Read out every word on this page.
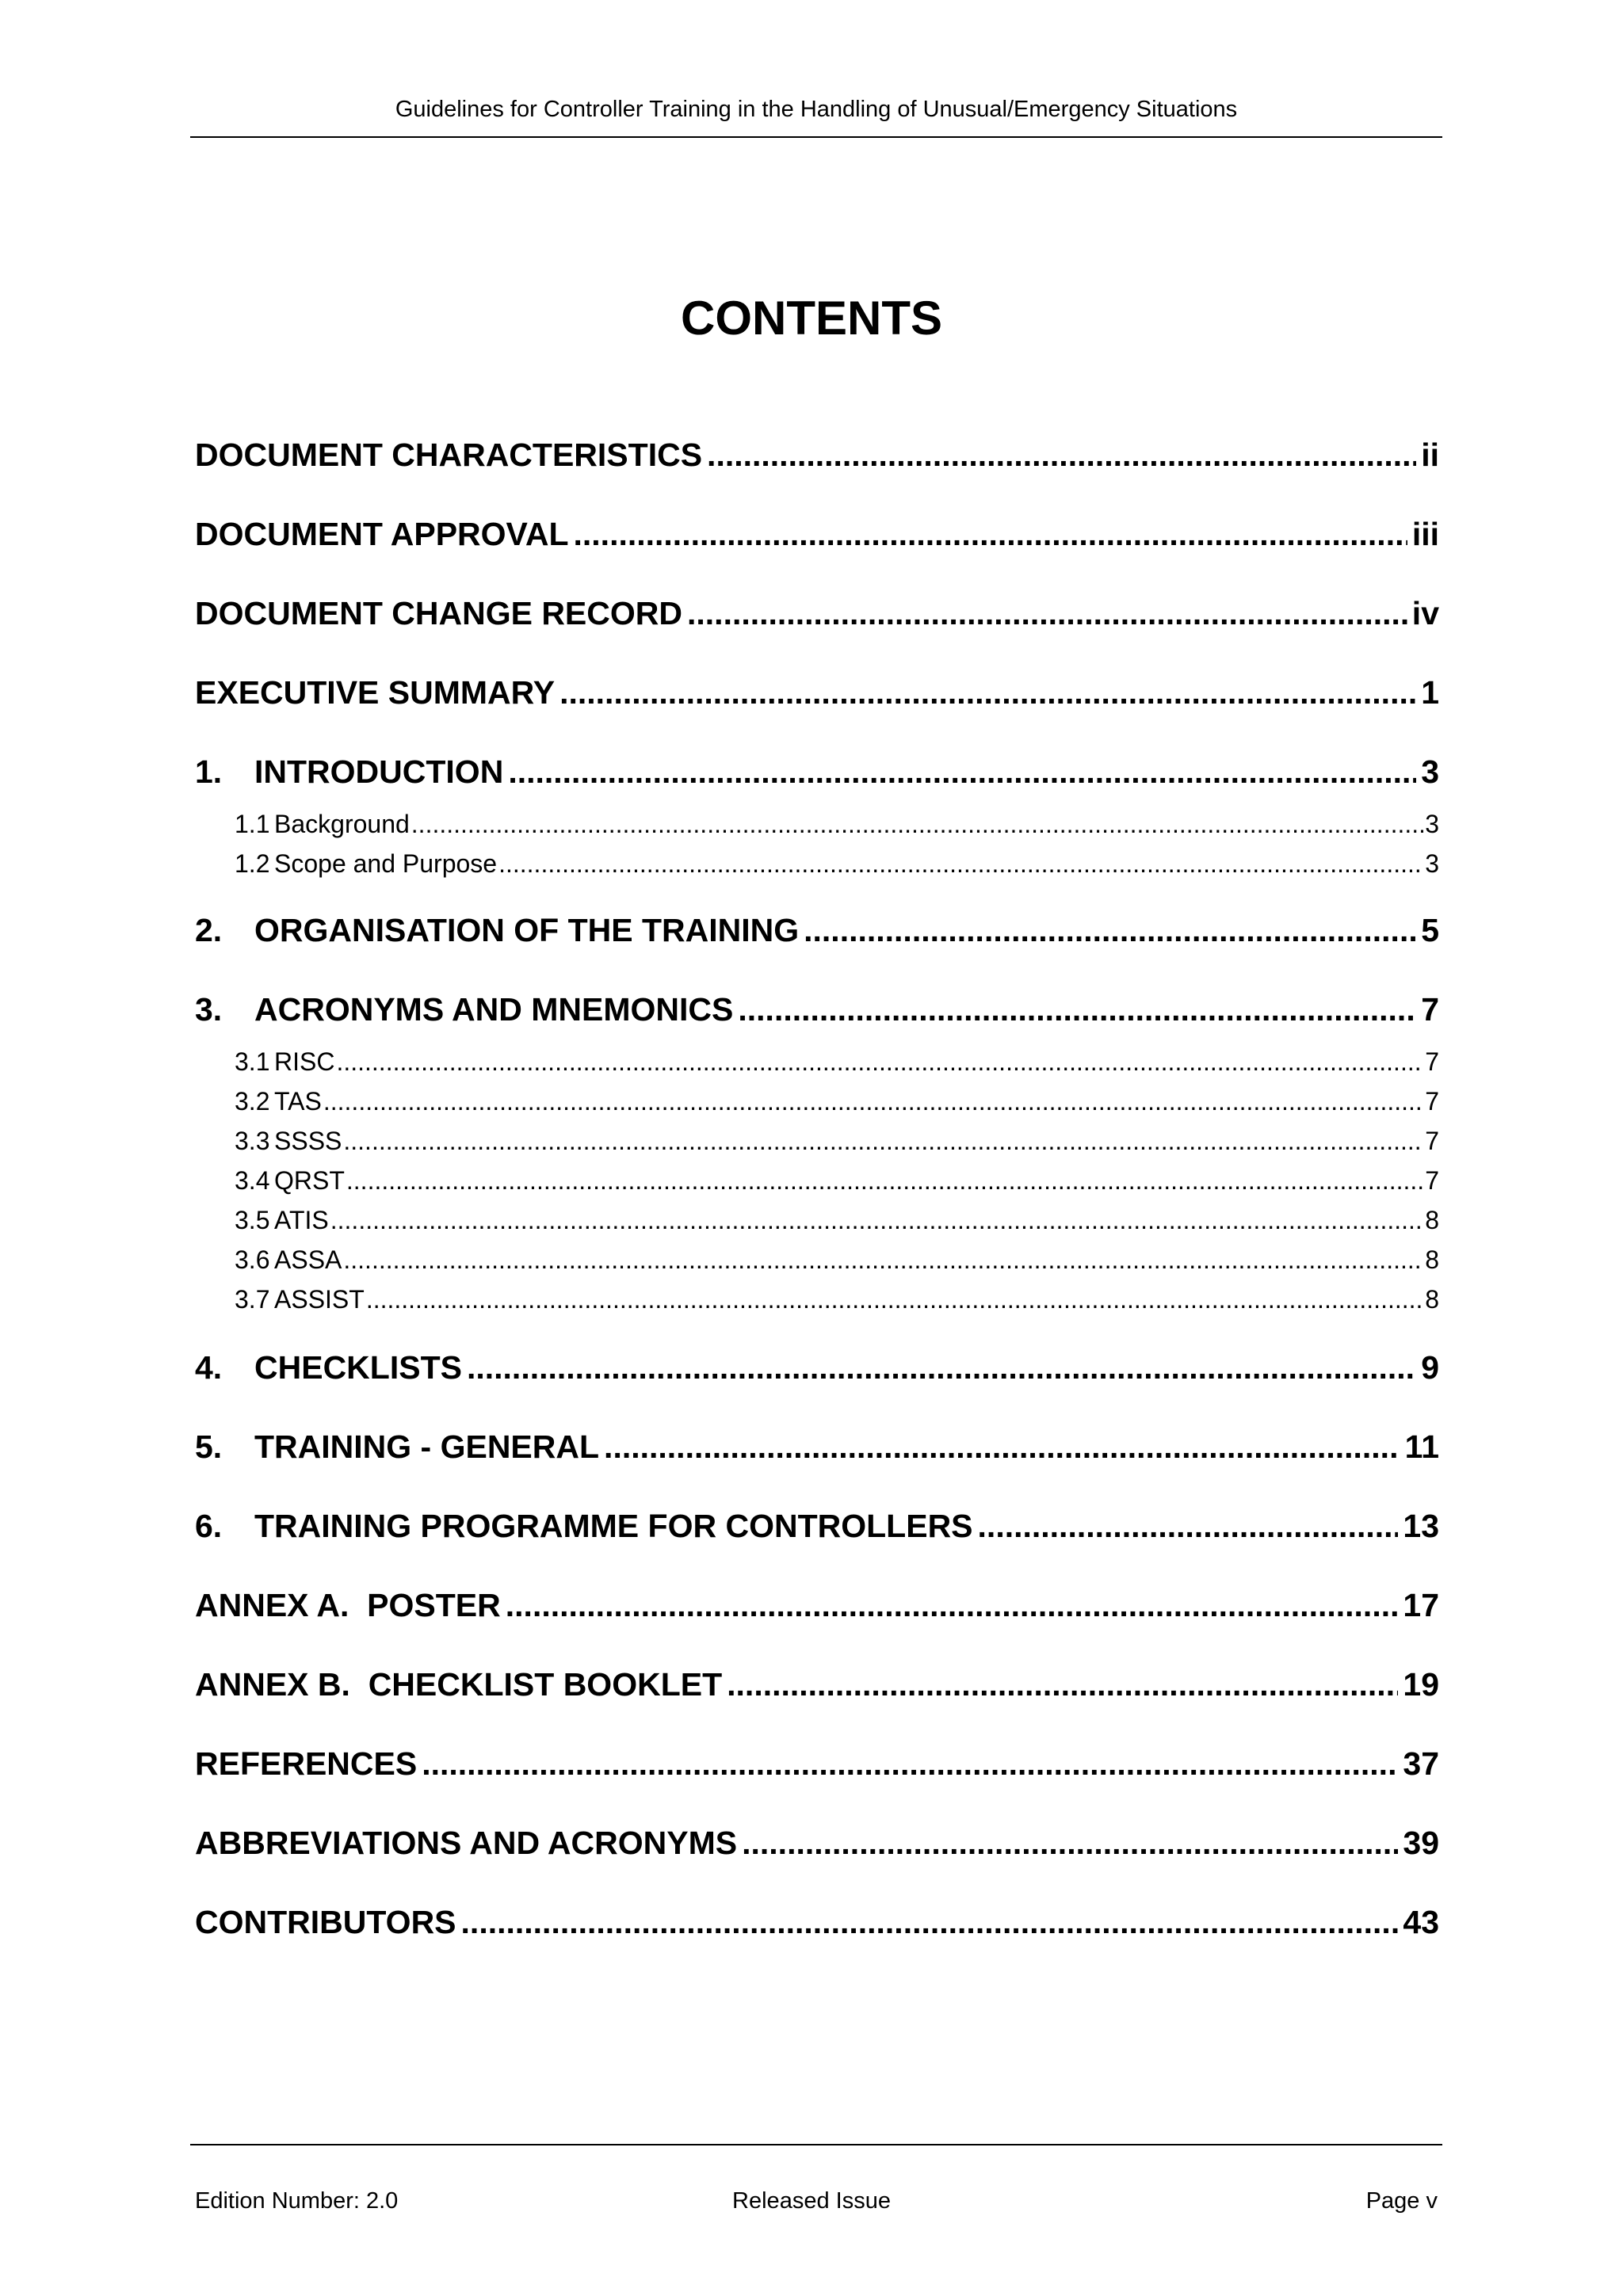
Guidelines for Controller Training in the Handling of Unusual/Emergency Situations
CONTENTS
DOCUMENT CHARACTERISTICS .....	ii
DOCUMENT APPROVAL .....	iii
DOCUMENT CHANGE RECORD .....	iv
EXECUTIVE SUMMARY .....	1
1. INTRODUCTION .....	3
1.1 Background .....	3
1.2 Scope and Purpose .....	3
2. ORGANISATION OF THE TRAINING .....	5
3. ACRONYMS AND MNEMONICS .....	7
3.1 RISC .....	7
3.2 TAS .....	7
3.3 SSSS .....	7
3.4 QRST .....	7
3.5 ATIS .....	8
3.6 ASSA .....	8
3.7 ASSIST .....	8
4. CHECKLISTS .....	9
5. TRAINING - GENERAL .....	11
6. TRAINING PROGRAMME FOR CONTROLLERS .....	13
ANNEX A.  POSTER .....	17
ANNEX B.  CHECKLIST BOOKLET .....	19
REFERENCES .....	37
ABBREVIATIONS AND ACRONYMS .....	39
CONTRIBUTORS .....	43
Edition Number: 2.0	Released Issue	Page v
